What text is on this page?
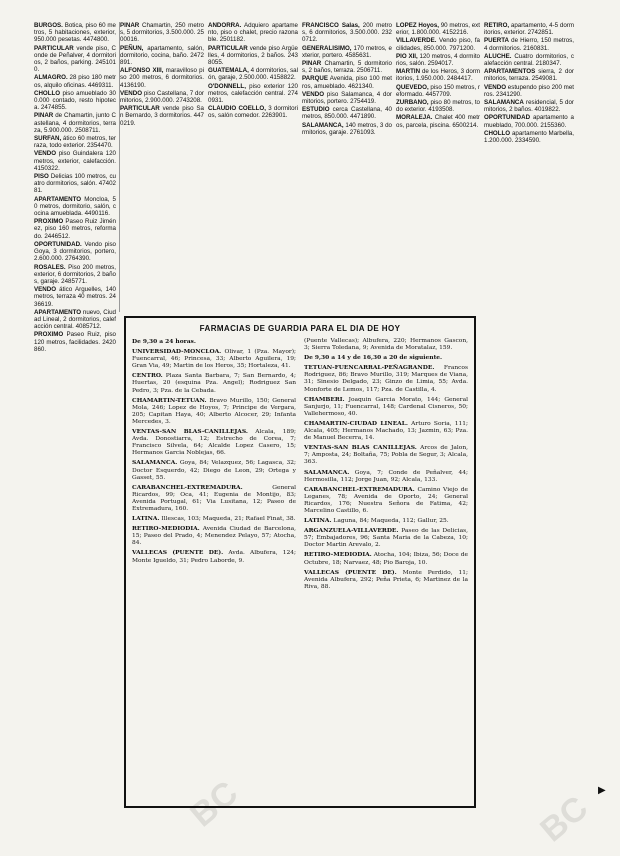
BURGOS. Botica, piso 60 metros, 5 habitaciones, exterior, 950.000 pesetas. 4474800.

PARTICULAR vende piso, Conde de Peñalver, 4 dormitorios, 2 baños, parking. 2451010.

ALMAGRO. 28 piso 180 metros, alquilo oficinas. 4469311.

CHOLLO piso amueblado 300.000 contado, resto hipoteca. 2474855.

PINAR de Chamartin, junto Castellana, 4 dormitorios, terraza, 5.900.000. 2508711.

SURFAN, ático 60 metros, terraza, todo exterior. 2354470.

VENDO piso Guindalera 120 metros, exterior, calefacción. 4150322.

PISO Delicias 100 metros, cuatro dormitorios, salón. 4740281.

APARTAMENTO Moncloa, 50 metros, dormitorio, salón, cocina amueblada. 4490116.

PROXIMO Paseo Ruiz Jiménez, piso 160 metros, reformado. 2446512.

OPORTUNIDAD. Vendo piso Goya, 3 dormitorios, portero, 2.600.000. 2764390.

ROSALES. Piso 200 metros, exterior, 6 dormitorios, 2 baños, garaje. 2485771.

VENDO ático Arguelles, 140 metros, terraza 40 metros. 2436619.

APARTAMENTO nuevo, Ciudad Lineal, 2 dormitorios, calefacción central. 4085712.

PROXIMO Paseo Ruiz, piso 120 metros, facilidades. 2420860.

PINAR Chamartin, 250 metros, 5 dormitorios, 3.500.000. 2500016.

PEÑUN, apartamento, salón, dormitorio, cocina, baño. 2472891.

ALFONSO XIII, maravilloso piso 200 metros, 6 dormitorios. 4136190.

VENDO piso Castellana, 7 dormitorios, 2.900.000. 2743208.

PARTICULAR vende piso San Bernardo, 3 dormitorios. 4470219.

ANDORRA. Adquiero apartamento, piso o chalet, precio razonable. 2501182.

PARTICULAR vende piso Argüelles, 4 dormitorios, 2 baños. 2438055.

GUATEMALA, 4 dormitorios, salón, garaje, 2.500.000. 4158822.

O'DONNELL, piso exterior 120 metros, calefacción central. 2740931.

CLAUDIO COELLO, 3 dormitorios, salón comedor. 2263901.

FRANCISCO Salas, 200 metros, 6 dormitorios, 3.500.000. 2320712.

GENERALISIMO, 170 metros, exterior, portero. 4585631.

PINAR Chamartin, 5 dormitorios, 2 baños, terraza. 2506711.

PARQUE Avenida, piso 100 metros, amueblado. 4621340.

VENDO piso Salamanca, 4 dormitorios, portero. 2754419.

ESTUDIO cerca Castellana, 40 metros, 850.000. 4471890.

SALAMANCA, 140 metros, 3 dormitorios, garaje. 2761093.

LOPEZ Hoyos, 90 metros, exterior, 1.800.000. 4152216.

VILLAVERDE. Vendo piso, facilidades, 850.000. 7971200.

PIO XII, 120 metros, 4 dormitorios, salón. 2594017.

MARTIN de los Heros, 3 dormitorios, 1.950.000. 2484417.

QUEVEDO, piso 150 metros, reformado. 4457709.

ZURBANO, piso 80 metros, todo exterior. 4193508.

MORALEJA. Chalet 400 metros, parcela, piscina. 6500214.

RETIRO, apartamento, 4-5 dormitorios, exterior. 2742851.

PUERTA de Hierro, 150 metros, 4 dormitorios. 2160831.

ALUCHE. Cuatro dormitorios, calefacción central. 2180347.

APARTAMENTOS sierra, 2 dormitorios, terraza. 2549081.

VENDO estupendo piso 200 metros. 2341290.

SALAMANCA residencial, 5 dormitorios, 2 baños. 4019822.

OPORTUNIDAD apartamento amueblado, 700.000. 2155360.

CHOLLO apartamento Marbella, 1.200.000. 2334590.

FARMACIAS DE GUARDIA PARA EL DIA DE HOY

De 9,30 a 24 horas.

UNIVERSIDAD-MONCLOA. Olivar, 1 (Pza. Mayor); Fuencarral, 46; Princesa, 33; Alberto Aguilera, 19; Gran Via, 49; Martin de los Heros, 35; Hortaleza, 41.

CENTRO. Plaza Santa Barbara, 7; San Bernardo, 4; Huertas, 20 (esquina Pza. Angel); Rodriguez San Pedro, 3; Pza. de la Cebada.

CHAMARTIN-TETUAN. Bravo Murillo, 150; General Mola, 246; Lopez de Hoyos, 7; Principe de Vergara, 205; Capitan Haya, 40; Alberto Alcocer, 29; Infanta Mercedes, 3.

VENTAS-SAN BLAS-CANILLEJAS. Alcala, 189; Avda. Donostiarra, 12; Estrecho de Corea, 7; Francisco Silvela, 64; Alcalde Lopez Casero, 15; Hermanos Garcia Noblejas, 66.

SALAMANCA. Goya, 84; Velazquez, 56; Lagasca, 32; Doctor Esquerdo, 42; Diego de Leon, 29; Ortega y Gasset, 55.

CARABANCHEL-EXTREMADURA. General Ricardos, 99; Oca, 41; Eugenia de Montijo, 83; Avenida Portugal, 61; Via Lusitana, 12; Paseo de Extremadura, 160.

LATINA. Illescas, 103; Maqueda, 21; Rafael Finat, 38.

RETIRO-MEDIODIA. Avenida Ciudad de Barcelona, 15; Paseo del Prado, 4; Menendez Pelayo, 57; Atocha, 84.

VALLECAS (PUENTE DE). Avda. Albufera, 124; Monte Igueldo, 31; Pedro Laborde, 9.

(Puente Vallecas); Albufera, 220; Hermanos Gascon, 3; Sierra Toledana, 9; Avenida de Moratalaz, 159.

De 9,30 a 14 y de 16,30 a 20 de siguiente.

TETUAN-FUENCARRAL-PEÑAGRANDE. Francos Rodriguez, 86; Bravo Murillo, 319; Marques de Viana, 31; Sinesio Delgado, 23; Ginzo de Limia, 55; Avda. Monforte de Lemos, 117; Pza. de Castilla, 4.

CHAMBERI. Joaquin Garcia Morato, 144; General Sanjurjo, 11; Fuencarral, 148; Cardenal Cisneros, 50; Vallehermoso, 40.

CHAMARTIN-CIUDAD LINEAL. Arturo Soria, 111; Alcala, 405; Hermanos Machado, 13; Jazmin, 63; Pza. de Manuel Becerra, 14.

VENTAS-SAN BLAS CANILLEJAS. Arcos de Jalon, 7; Amposta, 24; Boltaña, 75; Pobla de Segur, 3; Alcala, 363.

SALAMANCA. Goya, 7; Conde de Peñalver, 44; Hermosilla, 112; Jorge Juan, 92; Alcala, 133.

CARABANCHEL-EXTREMADURA. Camino Viejo de Leganes, 78; Avenida de Oporto, 24; General Ricardos, 176; Nuestra Señora de Fatima, 42; Marcelino Castillo, 6.

LATINA. Laguna, 84; Maqueda, 112; Gallur, 25.

ARGANZUELA-VILLAVERDE. Paseo de las Delicias, 57; Embajadores, 96; Santa Maria de la Cabeza, 10; Doctor Martin Arevalo, 2.

RETIRO-MEDIODIA. Atocha, 104; Ibiza, 56; Doce de Octubre, 18; Narvaez, 48; Pio Baroja, 10.

VALLECAS (PUENTE DE). Monte Perdido, 11; Avenida Albufera, 292; Peña Prieta, 6; Martinez de la Riva, 88.

BC	BC ▶
